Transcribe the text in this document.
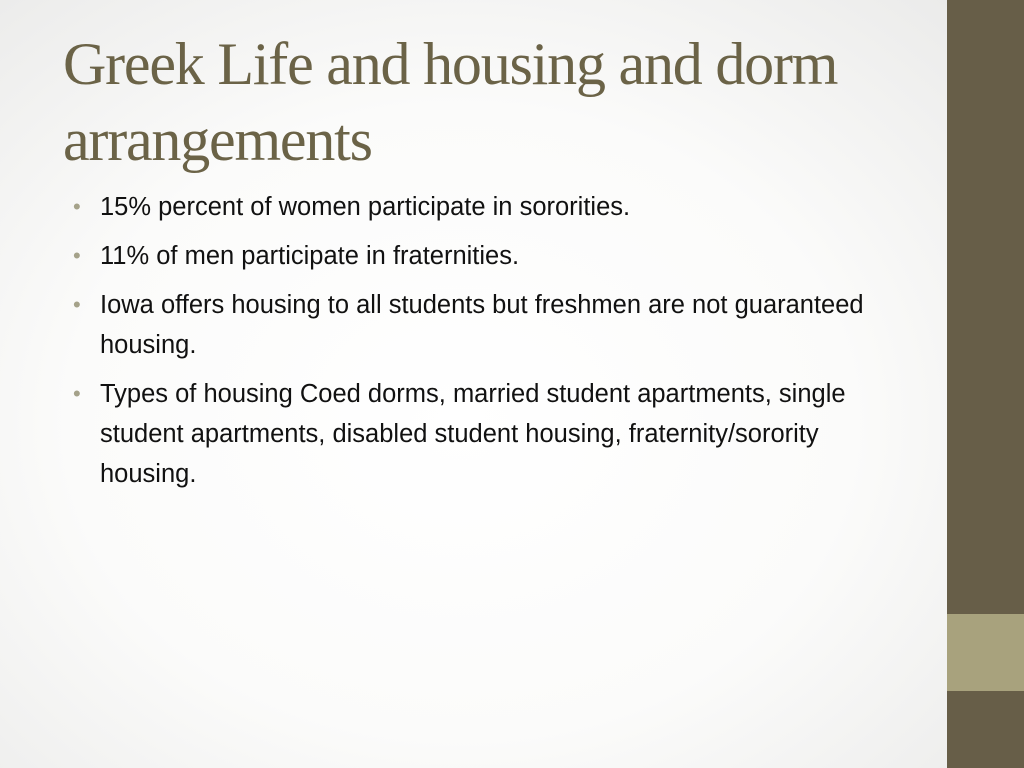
Greek Life and housing and dorm arrangements
• 15% percent of women participate in sororities.
• 11% of men participate in fraternities.
• Iowa offers housing to all students but freshmen are not guaranteed housing.
• Types of housing Coed dorms, married student apartments, single student apartments, disabled student housing, fraternity/sorority housing.
